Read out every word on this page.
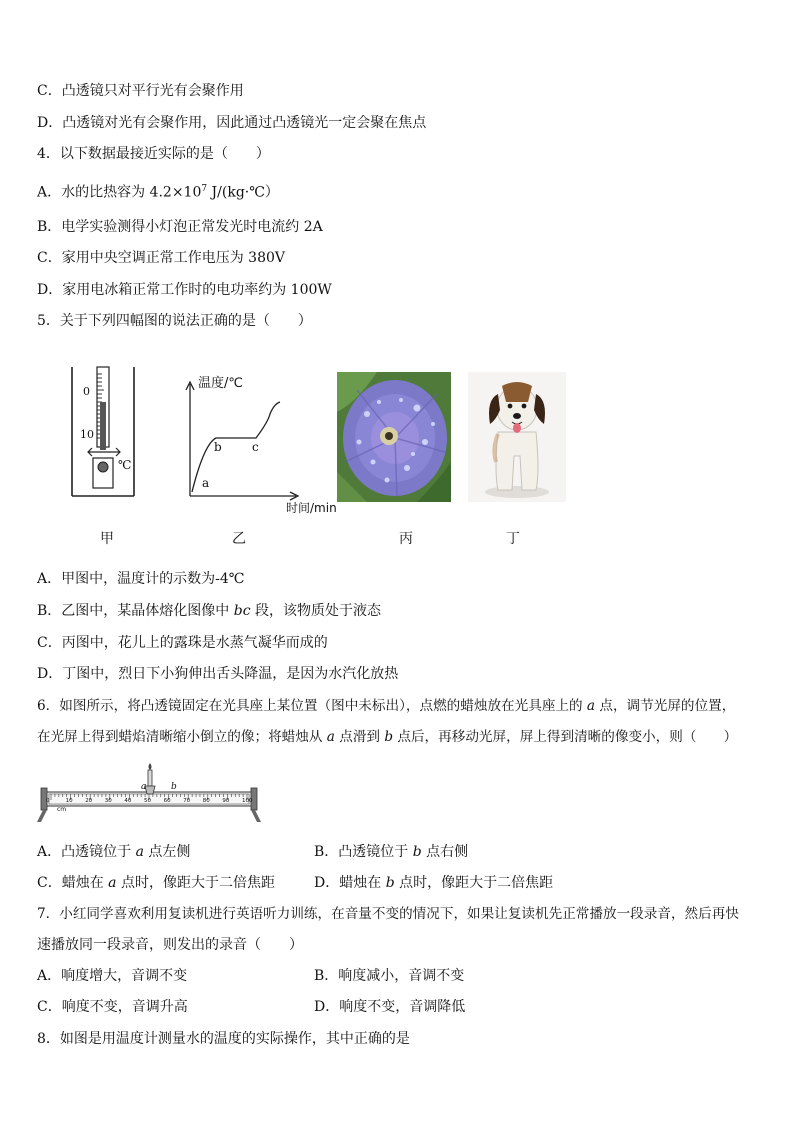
C．凸透镜只对平行光有会聚作用
D．凸透镜对光有会聚作用，因此通过凸透镜光一定会聚在焦点
4．以下数据最接近实际的是（　　）
A．水的比热容为 $4.2\times 10^7$ J/(kg·℃）
B．电学实验测得小灯泡正常发光时电流约 2A
C．家用中央空调正常工作电压为 380V
D．家用电冰箱正常工作时的电功率约为 100W
5．关于下列四幅图的说法正确的是（　　）
0
10
℃
甲
温度/℃
时间/min
a
b	c
乙	丙	丁
A．甲图中，温度计的示数为-4℃
B．乙图中，某晶体熔化图像中 bc 段，该物质处于液态
C．丙图中，花儿上的露珠是水蒸气凝华而成的
D．丁图中，烈日下小狗伸出舌头降温，是因为水汽化放热
6．如图所示，将凸透镜固定在光具座上某位置（图中未标出），点燃的蜡烛放在光具座上的 a 点，调节光屏的位置，
在光屏上得到蜡焰清晰缩小倒立的像；将蜡烛从 a 点滑到 b 点后，再移动光屏，屏上得到清晰的像变小，则（　　）
a	b
cm
0	10 20 30 40 50 60 70 80 90 100
A．凸透镜位于 a 点左侧	B．凸透镜位于 b 点右侧
C．蜡烛在 a 点时，像距大于二倍焦距	D．蜡烛在 b 点时，像距大于二倍焦距
7．小红同学喜欢利用复读机进行英语听力训练，在音量不变的情况下，如果让复读机先正常播放一段录音，然后再快
速播放同一段录音，则发出的录音（　　）
A．响度增大，音调不变	B．响度减小，音调不变
C．响度不变，音调升高	D．响度不变，音调降低
8．如图是用温度计测量水的温度的实际操作，其中正确的是
